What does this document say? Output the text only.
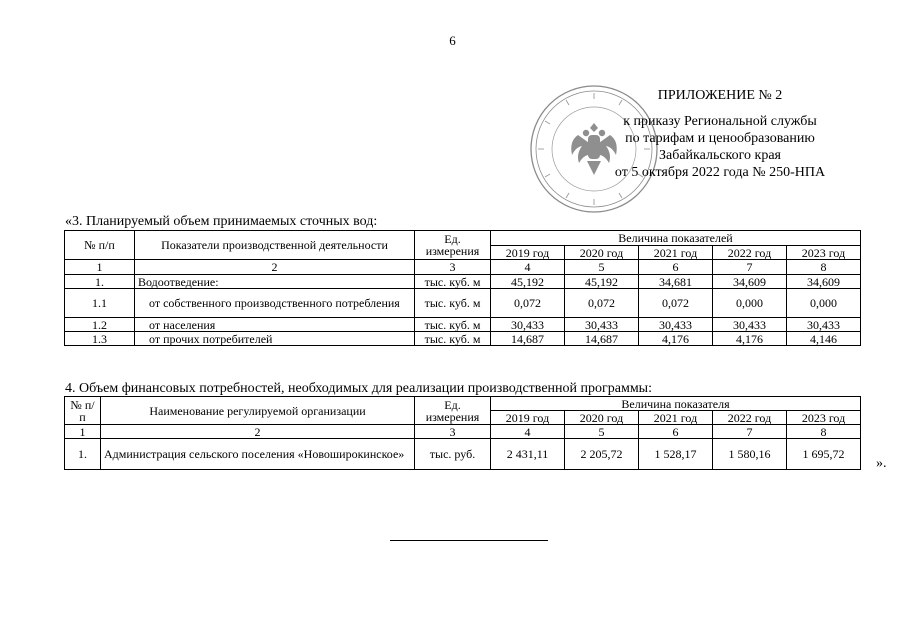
6
ПРИЛОЖЕНИЕ № 2
к приказу Региональной службы
по тарифам и ценообразованию
Забайкальского края
от 5 октября 2022 года № 250-НПА
«3. Планируемый объем принимаемых сточных вод:
№ п/п	Показатели производственной деятельности	Ед. измерения	Величина показателей				
			2019 год	2020 год	2021 год	2022 год	2023 год
1	2	3	4	5	6	7	8
1.	Водоотведение:	тыс. куб. м	45,192	45,192	34,681	34,609	34,609
1.1	от собственного производственного потребления	тыс. куб. м	0,072	0,072	0,072	0,000	0,000
1.2	от населения	тыс. куб. м	30,433	30,433	30,433	30,433	30,433
1.3	от прочих потребителей	тыс. куб. м	14,687	14,687	4,176	4,176	4,146
4. Объем финансовых потребностей, необходимых для реализации производственной программы:
№ п/п	Наименование регулируемой организации	Ед. измерения	Величина показателя				
			2019 год	2020 год	2021 год	2022 год	2023 год
1	2	3	4	5	6	7	8
1.	Администрация сельского поселения «Новоширокинское»	тыс. руб.	2 431,11	2 205,72	1 528,17	1 580,16	1 695,72
».
